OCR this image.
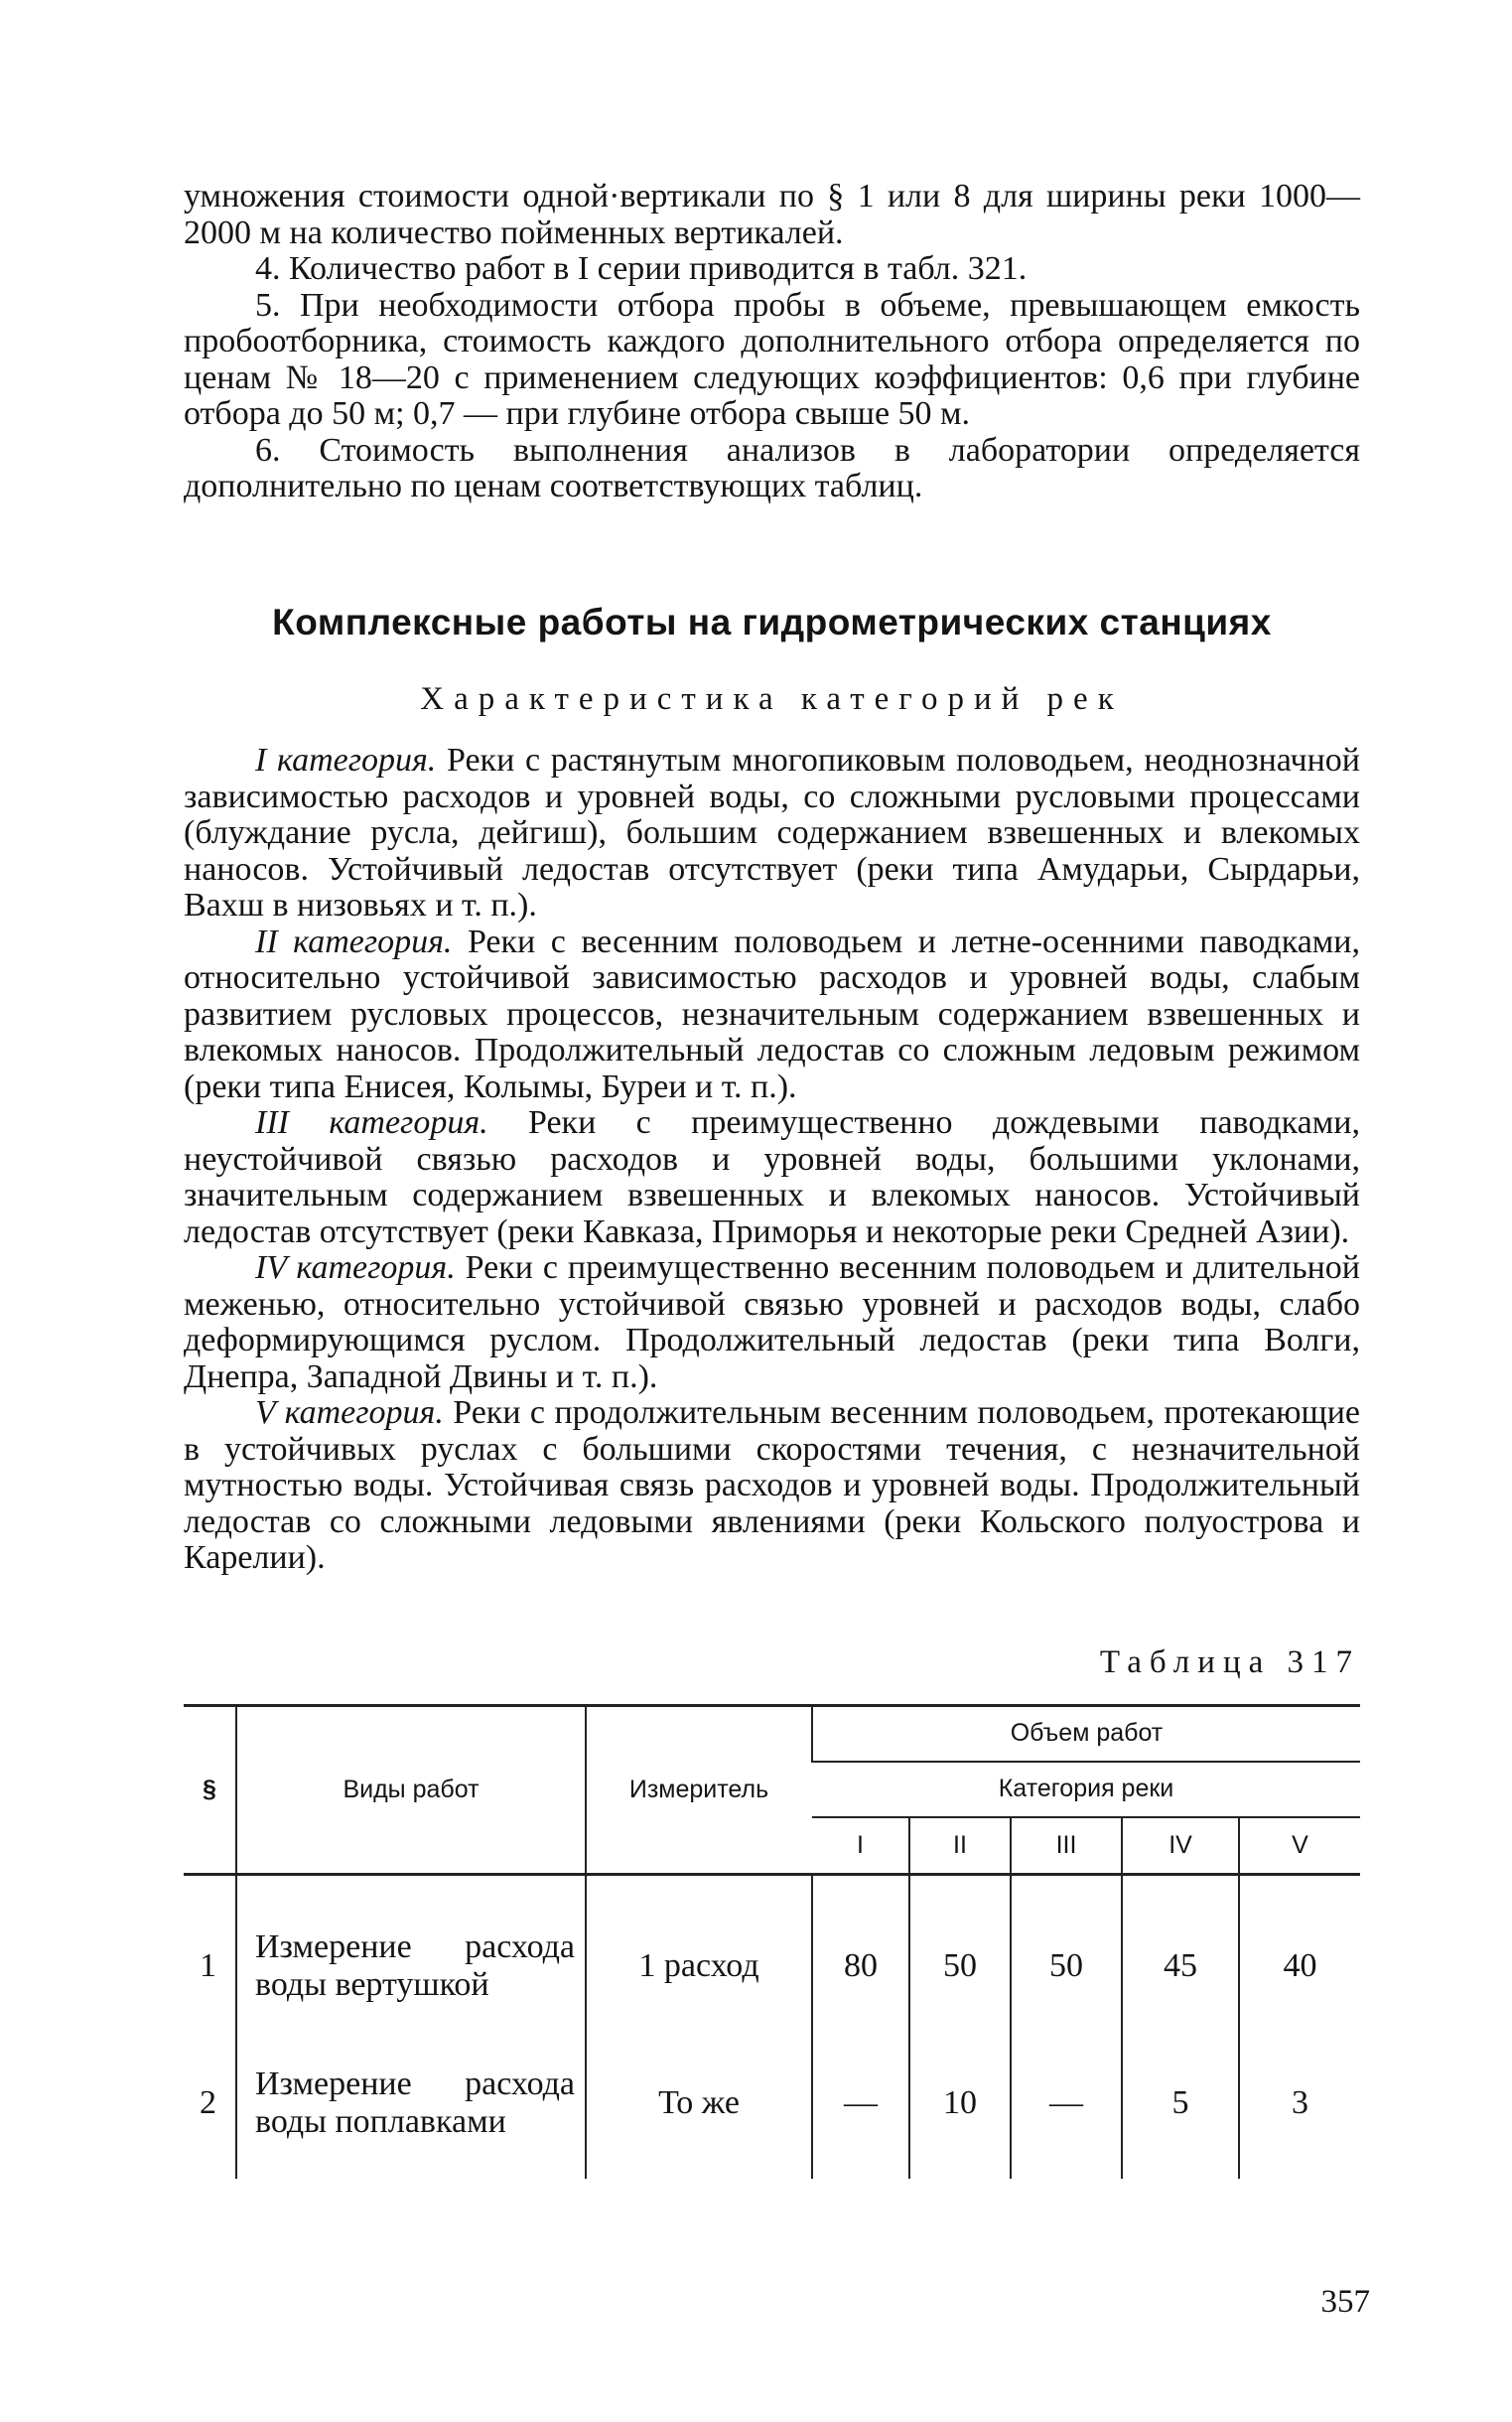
умножения стоимости одной·вертикали по § 1 или 8 для ширины реки 1000—2000 м на количество пойменных вертикалей.

4. Количество работ в I серии приводится в табл. 321.

5. При необходимости отбора пробы в объеме, превышающем емкость пробоотборника, стоимость каждого дополнительного отбора определяется по ценам № 18—20 с применением следующих коэффициентов: 0,6 при глубине отбора до 50 м; 0,7 — при глубине отбора свыше 50 м.

6. Стоимость выполнения анализов в лаборатории определяется дополнительно по ценам соответствующих таблиц.

Комплексные работы на гидрометрических станциях
Характеристика категорий рек

I категория. Реки с растянутым многопиковым половодьем, неоднозначной зависимостью расходов и уровней воды, со сложными русловыми процессами (блуждание русла, дейгиш), большим содержанием взвешенных и влекомых наносов. Устойчивый ледостав отсутствует (реки типа Амударьи, Сырдарьи, Вахш в низовьях и т. п.).

II категория. Реки с весенним половодьем и летне-осенними паводками, относительно устойчивой зависимостью расходов и уровней воды, слабым развитием русловых процессов, незначительным содержанием взвешенных и влекомых наносов. Продолжительный ледостав со сложным ледовым режимом (реки типа Енисея, Колымы, Буреи и т. п.).

III категория. Реки с преимущественно дождевыми паводками, неустойчивой связью расходов и уровней воды, большими уклонами, значительным содержанием взвешенных и влекомых наносов. Устойчивый ледостав отсутствует (реки Кавказа, Приморья и некоторые реки Средней Азии).

IV категория. Реки с преимущественно весенним половодьем и длительной меженью, относительно устойчивой связью уровней и расходов воды, слабо деформирующимся руслом. Продолжительный ледостав (реки типа Волги, Днепра, Западной Двины и т. п.).

V категория. Реки с продолжительным весенним половодьем, протекающие в устойчивых руслах с большими скоростями течения, с незначительной мутностью воды. Устойчивая связь расходов и уровней воды. Продолжительный ледостав со сложными ледовыми явлениями (реки Кольского полуострова и Карелии).

Таблица 317
§	Виды работ	Измеритель	Объем работ				
			Категория реки				
			I	II	III	IV	V
1	Измерение расхода воды вертушкой	1 расход	80	50	50	45	40
2	Измерение расхода воды поплавками	То же	—	10	—	5	3
357
